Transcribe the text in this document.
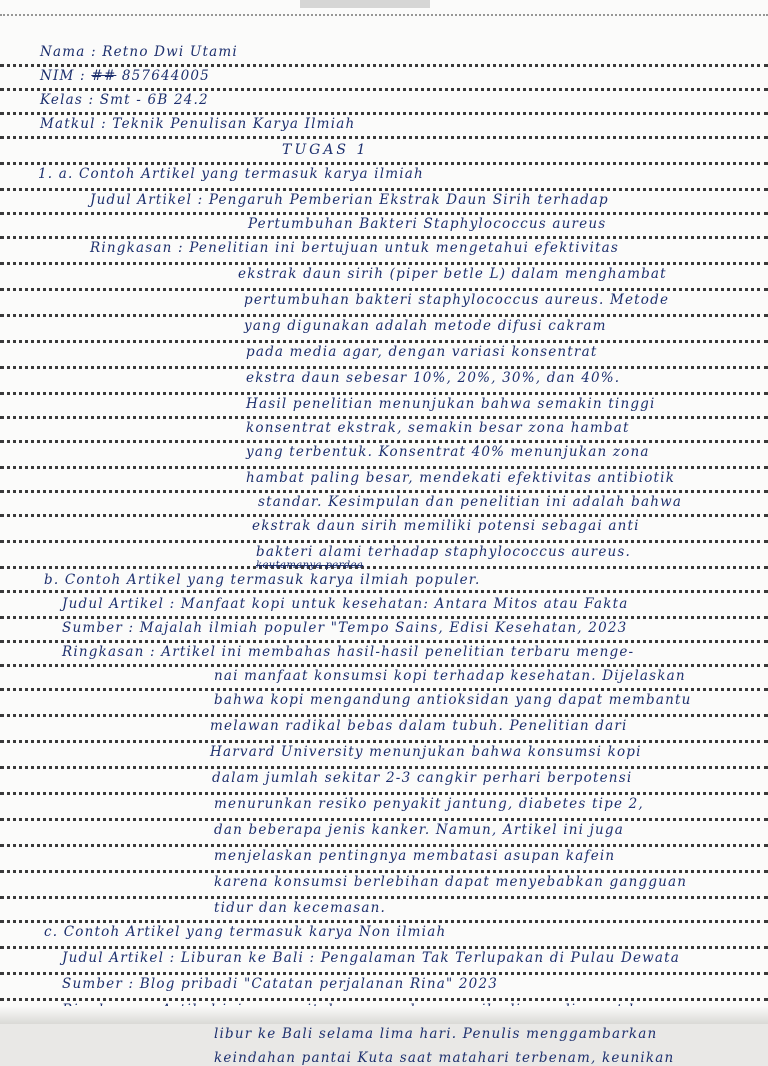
Nama : Retno Dwi Utami
NIM : ## 857644005
Kelas : Smt - 6B 24.2
Matkul : Teknik Penulisan Karya Ilmiah
TUGAS 1
1. a. Contoh Artikel yang termasuk karya ilmiah
Judul Artikel : Pengaruh Pemberian Ekstrak Daun Sirih terhadap
Pertumbuhan Bakteri Staphylococcus aureus
Ringkasan : Penelitian ini bertujuan untuk mengetahui efektivitas
ekstrak daun sirih (piper betle L) dalam menghambat
pertumbuhan bakteri staphylococcus aureus. Metode
yang digunakan adalah metode difusi cakram
pada media agar, dengan variasi konsentrat
ekstra daun sebesar 10%, 20%, 30%, dan 40%.
Hasil penelitian menunjukan bahwa semakin tinggi
konsentrat ekstrak, semakin besar zona hambat
yang terbentuk. Konsentrat 40% menunjukan zona
hambat paling besar, mendekati efektivitas antibiotik
standar. Kesimpulan dan penelitian ini adalah bahwa
ekstrak daun sirih memiliki potensi sebagai anti
bakteri alami terhadap staphylococcus aureus.
keutamanya perdea
b. Contoh Artikel yang termasuk karya ilmiah populer.
Judul Artikel : Manfaat kopi untuk kesehatan: Antara Mitos atau Fakta
Sumber : Majalah ilmiah populer "Tempo Sains, Edisi Kesehatan, 2023
Ringkasan : Artikel ini membahas hasil-hasil penelitian terbaru menge-
nai manfaat konsumsi kopi terhadap kesehatan. Dijelaskan
bahwa kopi mengandung antioksidan yang dapat membantu
melawan radikal bebas dalam tubuh. Penelitian dari
Harvard University menunjukan bahwa konsumsi kopi
dalam jumlah sekitar 2-3 cangkir perhari berpotensi
menurunkan resiko penyakit jantung, diabetes tipe 2,
dan beberapa jenis kanker. Namun, Artikel ini juga
menjelaskan pentingnya membatasi asupan kafein
karena konsumsi berlebihan dapat menyebabkan gangguan
tidur dan kecemasan.
c. Contoh Artikel yang termasuk karya Non ilmiah
Judul Artikel : Liburan ke Bali : Pengalaman Tak Terlupakan di Pulau Dewata
Sumber : Blog pribadi "Catatan perjalanan Rina" 2023
libur ke Bali selama lima hari. Penulis menggambarkan
keindahan pantai Kuta saat matahari terbenam, keunikan
